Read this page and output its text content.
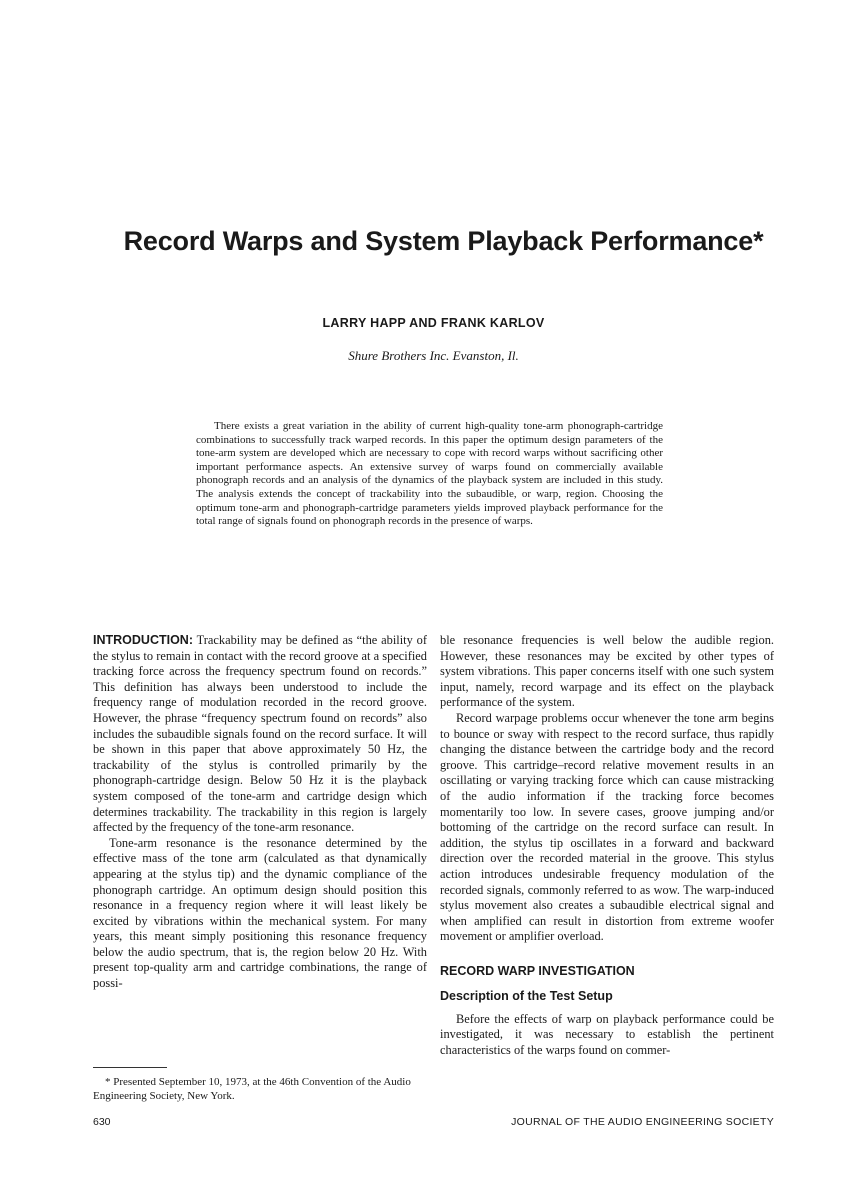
Record Warps and System Playback Performance*
LARRY HAPP AND FRANK KARLOV
Shure Brothers Inc. Evanston, Il.

There exists a great variation in the ability of current high-quality tone-arm phonograph-cartridge combinations to successfully track warped records. In this paper the optimum design parameters of the tone-arm system are developed which are necessary to cope with record warps without sacrificing other important performance aspects. An extensive survey of warps found on commercially available phonograph records and an analysis of the dynamics of the playback system are included in this study. The analysis extends the concept of trackability into the subaudible, or warp, region. Choosing the optimum tone-arm and phonograph-cartridge parameters yields improved playback performance for the total range of signals found on phonograph records in the presence of warps.

INTRODUCTION: Trackability may be defined as “the ability of the stylus to remain in contact with the record groove at a specified tracking force across the frequency spectrum found on records.” This definition has always been understood to include the frequency range of modulation recorded in the record groove. However, the phrase “frequency spectrum found on records” also includes the subaudible signals found on the record surface. It will be shown in this paper that above approximately 50 Hz, the trackability of the stylus is controlled primarily by the phonograph-cartridge design. Below 50 Hz it is the playback system composed of the tone-arm and cartridge design which determines trackability. The trackability in this region is largely affected by the frequency of the tone-arm resonance.

Tone-arm resonance is the resonance determined by the effective mass of the tone arm (calculated as that dynamically appearing at the stylus tip) and the dynamic compliance of the phonograph cartridge. An optimum design should position this resonance in a frequency region where it will least likely be excited by vibrations within the mechanical system. For many years, this meant simply positioning this resonance frequency below the audio spectrum, that is, the region below 20 Hz. With present top-quality arm and cartridge combinations, the range of possi-

ble resonance frequencies is well below the audible region. However, these resonances may be excited by other types of system vibrations. This paper concerns itself with one such system input, namely, record warpage and its effect on the playback performance of the system.

Record warpage problems occur whenever the tone arm begins to bounce or sway with respect to the record surface, thus rapidly changing the distance between the cartridge body and the record groove. This cartridge–record relative movement results in an oscillating or varying tracking force which can cause mistracking of the audio information if the tracking force becomes momentarily too low. In severe cases, groove jumping and/or bottoming of the cartridge on the record surface can result. In addition, the stylus tip oscillates in a forward and backward direction over the recorded material in the groove. This stylus action introduces undesirable frequency modulation of the recorded signals, commonly referred to as wow. The warp-induced stylus movement also creates a subaudible electrical signal and when amplified can result in distortion from extreme woofer movement or amplifier overload.

RECORD WARP INVESTIGATION
Description of the Test Setup

Before the effects of warp on playback performance could be investigated, it was necessary to establish the pertinent characteristics of the warps found on commer-

* Presented September 10, 1973, at the 46th Convention of the Audio Engineering Society, New York.
630	JOURNAL OF THE AUDIO ENGINEERING SOCIETY
